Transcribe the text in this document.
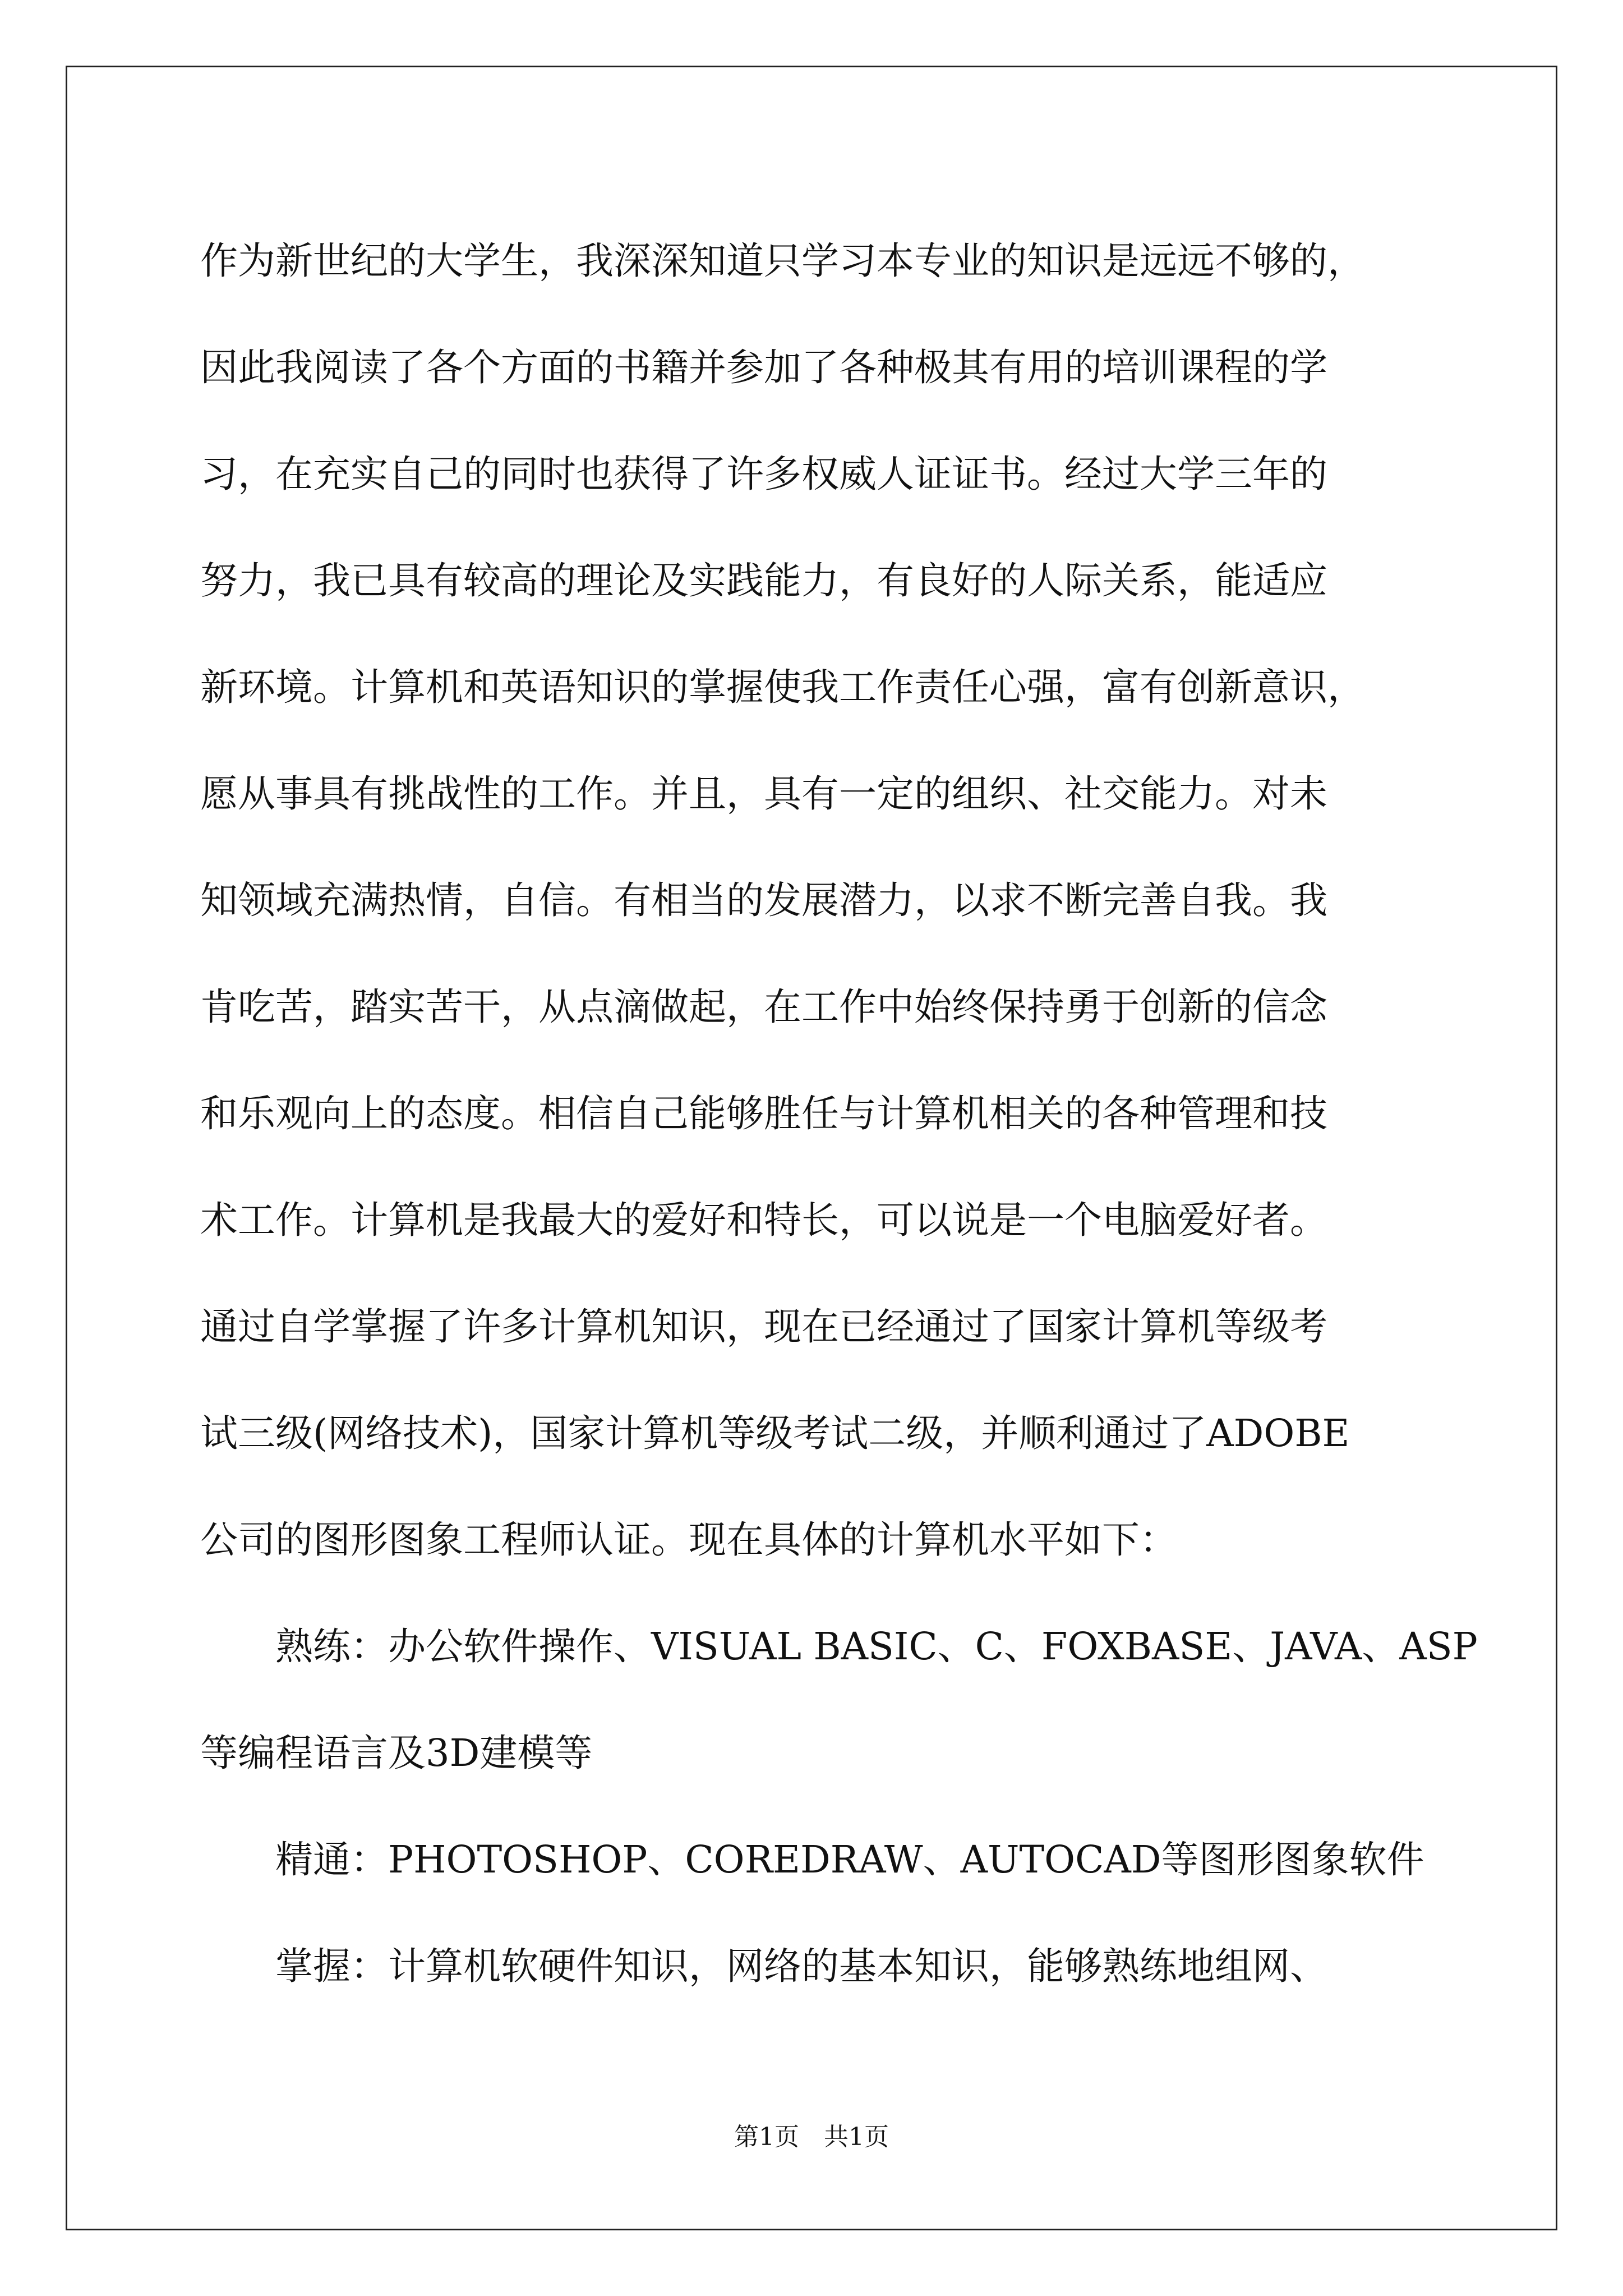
作为新世纪的大学生，我深深知道只学习本专业的知识是远远不够的，
因此我阅读了各个方面的书籍并参加了各种极其有用的培训课程的学
习，在充实自己的同时也获得了许多权威人证证书。经过大学三年的
努力，我已具有较高的理论及实践能力，有良好的人际关系，能适应
新环境。计算机和英语知识的掌握使我工作责任心强，富有创新意识，
愿从事具有挑战性的工作。并且，具有一定的组织、社交能力。对未
知领域充满热情，自信。有相当的发展潜力，以求不断完善自我。我
肯吃苦，踏实苦干，从点滴做起，在工作中始终保持勇于创新的信念
和乐观向上的态度。相信自己能够胜任与计算机相关的各种管理和技
术工作。计算机是我最大的爱好和特长，可以说是一个电脑爱好者。
通过自学掌握了许多计算机知识，现在已经通过了国家计算机等级考
试三级(网络技术)，国家计算机等级考试二级，并顺利通过了ADOBE
公司的图形图象工程师认证。现在具体的计算机水平如下：
熟练：办公软件操作、VISUAL BASIC、C、FOXBASE、JAVA、ASP
等编程语言及3D建模等
精通：PHOTOSHOP、COREDRAW、AUTOCAD等图形图象软件
掌握：计算机软硬件知识，网络的基本知识，能够熟练地组网、
第1页　共1页
